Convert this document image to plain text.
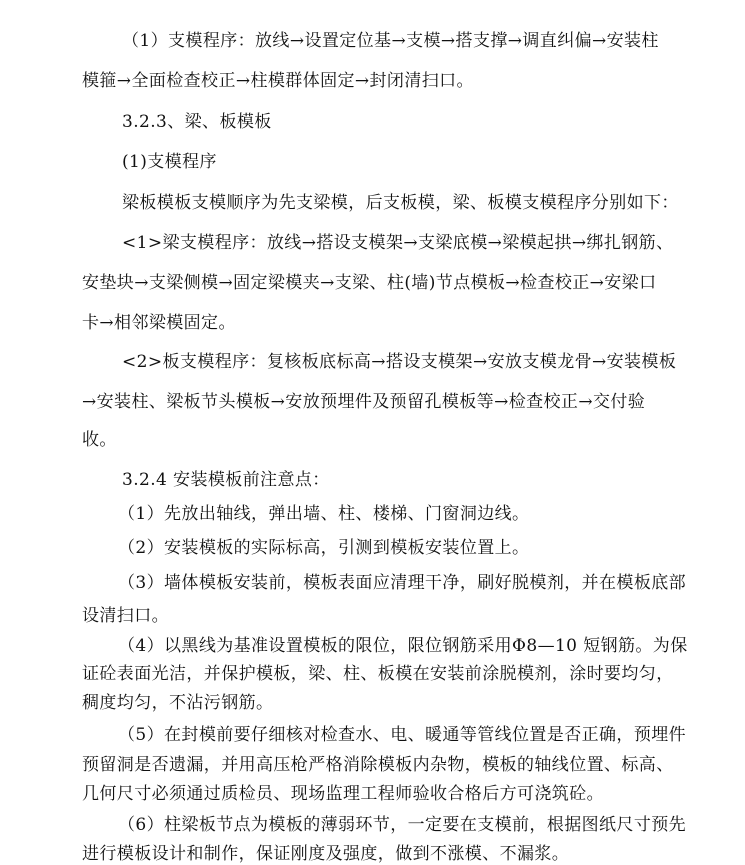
（1）支模程序：放线→设置定位基→支模→搭支撑→调直纠偏→安装柱
模箍→全面检查校正→柱模群体固定→封闭清扫口。
3.2.3、梁、板模板
(1)支模程序
梁板模板支模顺序为先支梁模，后支板模，梁、板模支模程序分别如下：
<1>梁支模程序：放线→搭设支模架→支梁底模→梁模起拱→绑扎钢筋、
安垫块→支梁侧模→固定梁模夹→支梁、柱(墙)节点模板→检查校正→安梁口
卡→相邻梁模固定。
<2>板支模程序：复核板底标高→搭设支模架→安放支模龙骨→安装模板
→安装柱、梁板节头模板→安放预埋件及预留孔模板等→检查校正→交付验
收。
3.2.4 安装模板前注意点：
（1）先放出轴线，弹出墙、柱、楼梯、门窗洞边线。
（2）安装模板的实际标高，引测到模板安装位置上。
（3）墙体模板安装前，模板表面应清理干净，刷好脱模剂，并在模板底部
设清扫口。
（4）以黑线为基准设置模板的限位，限位钢筋采用Φ8—10 短钢筋。为保
证砼表面光洁，并保护模板，梁、柱、板模在安装前涂脱模剂，涂时要均匀，
稠度均匀，不沾污钢筋。
（5）在封模前要仔细核对检查水、电、暖通等管线位置是否正确，预埋件
预留洞是否遗漏，并用高压枪严格消除模板内杂物，模板的轴线位置、标高、
几何尺寸必须通过质检员、现场监理工程师验收合格后方可浇筑砼。
（6）柱梁板节点为模板的薄弱环节，一定要在支模前，根据图纸尺寸预先
进行模板设计和制作，保证刚度及强度，做到不涨模、不漏浆。
